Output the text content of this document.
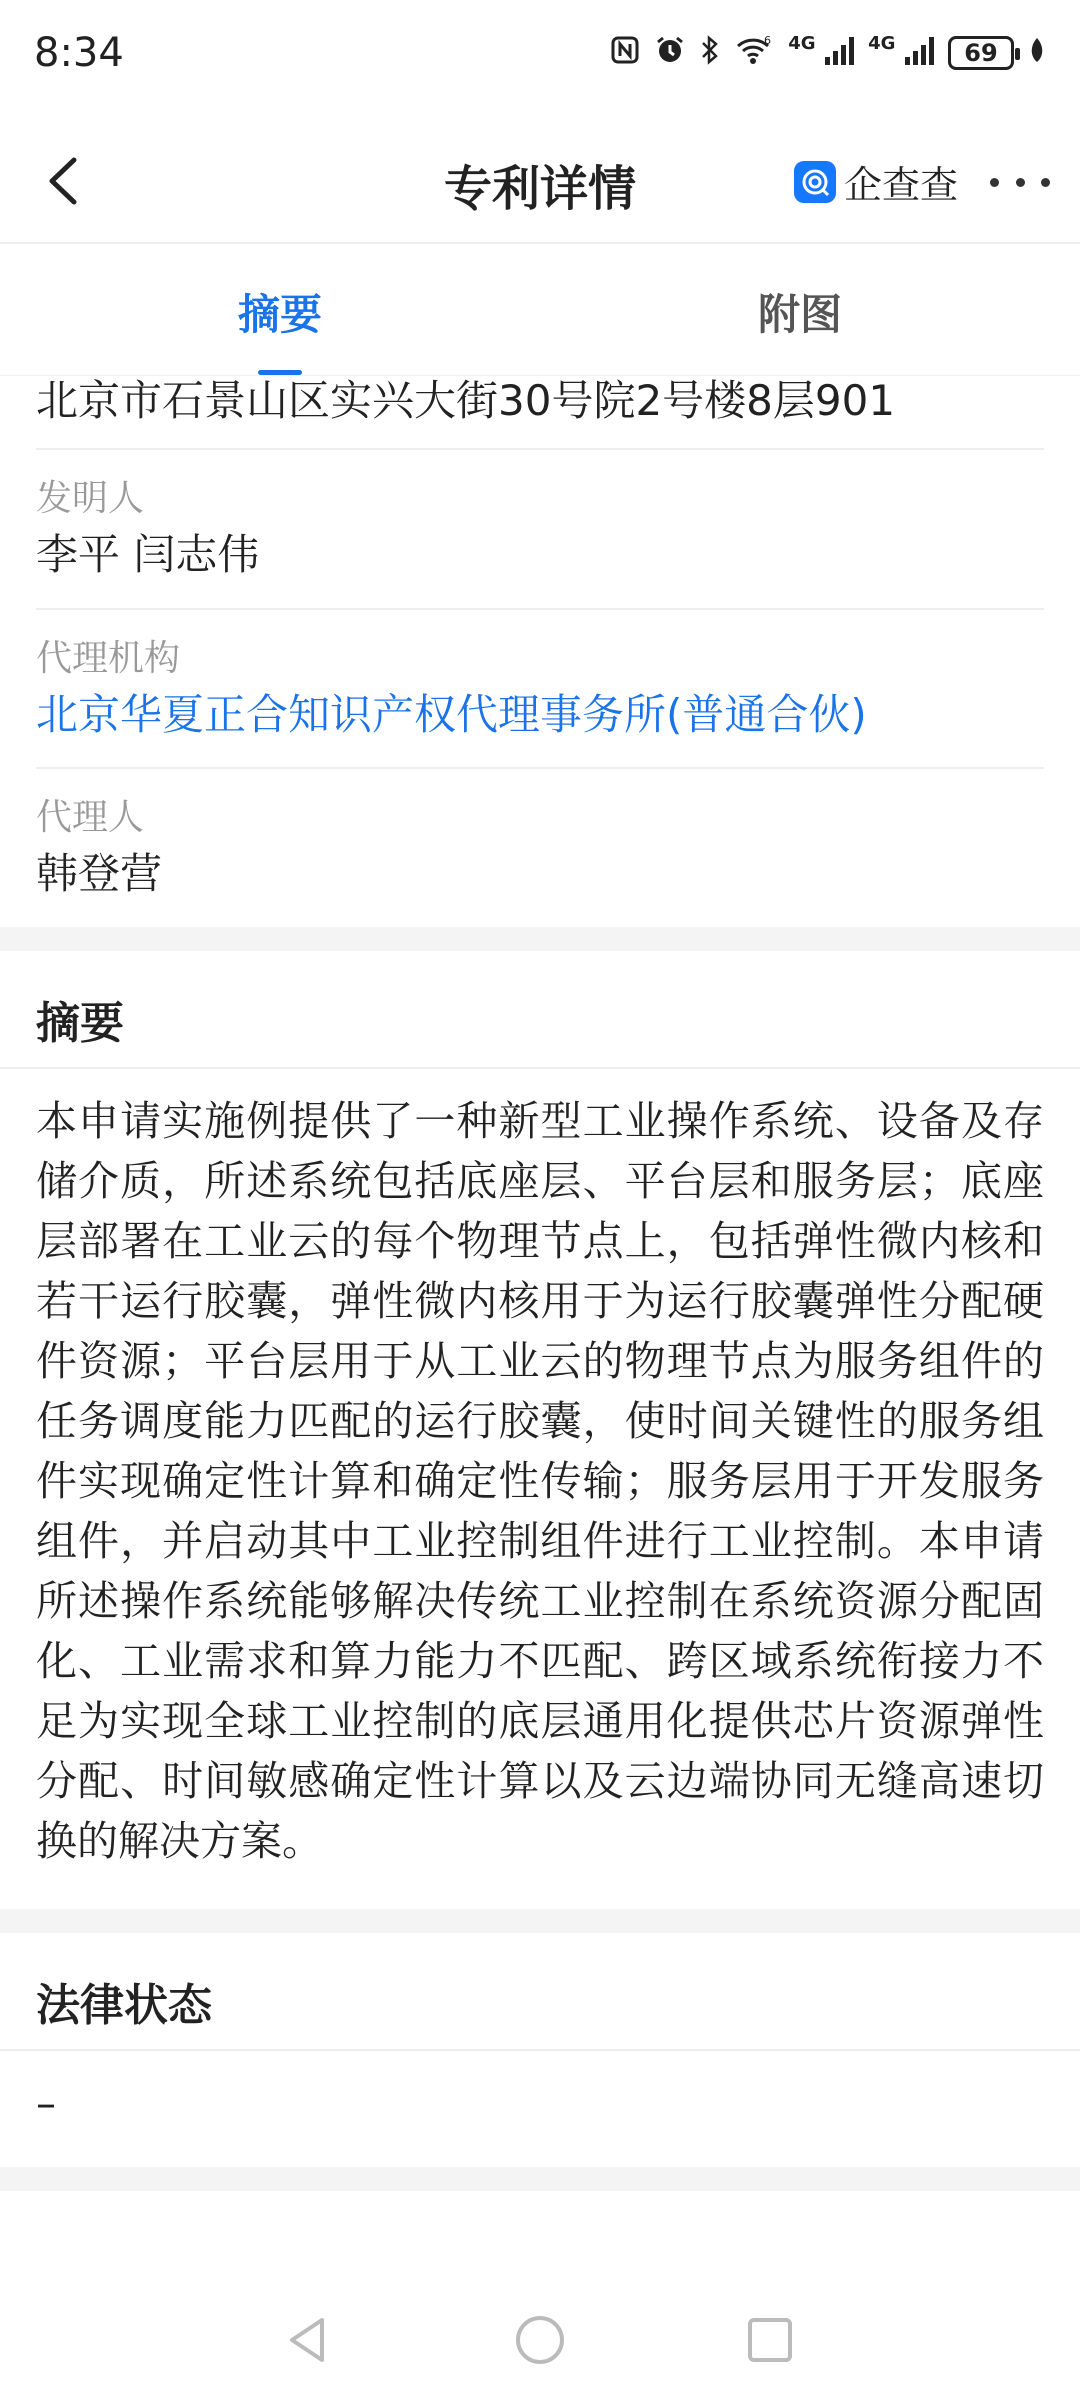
8:34	6 $^{4G}$	$^{4G}$	69
专利详情	企查查
摘要	附图
北京市石景山区实兴大街30号院2号楼8层901
发明人
李平 闫志伟
代理机构
北京华夏正合知识产权代理事务所(普通合伙)
代理人
韩登营
摘要
本申请实施例提供了一种新型工业操作系统、设备及存储介质，所述系统包括底座层、平台层和服务层；底座层部署在工业云的每个物理节点上，包括弹性微内核和若干运行胶囊，弹性微内核用于为运行胶囊弹性分配硬件资源；平台层用于从工业云的物理节点为服务组件的任务调度能力匹配的运行胶囊，使时间关键性的服务组件实现确定性计算和确定性传输；服务层用于开发服务组件，并启动其中工业控制组件进行工业控制。本申请所述操作系统能够解决传统工业控制在系统资源分配固化、工业需求和算力能力不匹配、跨区域系统衔接力不足为实现全球工业控制的底层通用化提供芯片资源弹性分配、时间敏感确定性计算以及云边端协同无缝高速切换的解决方案。
法律状态
–
